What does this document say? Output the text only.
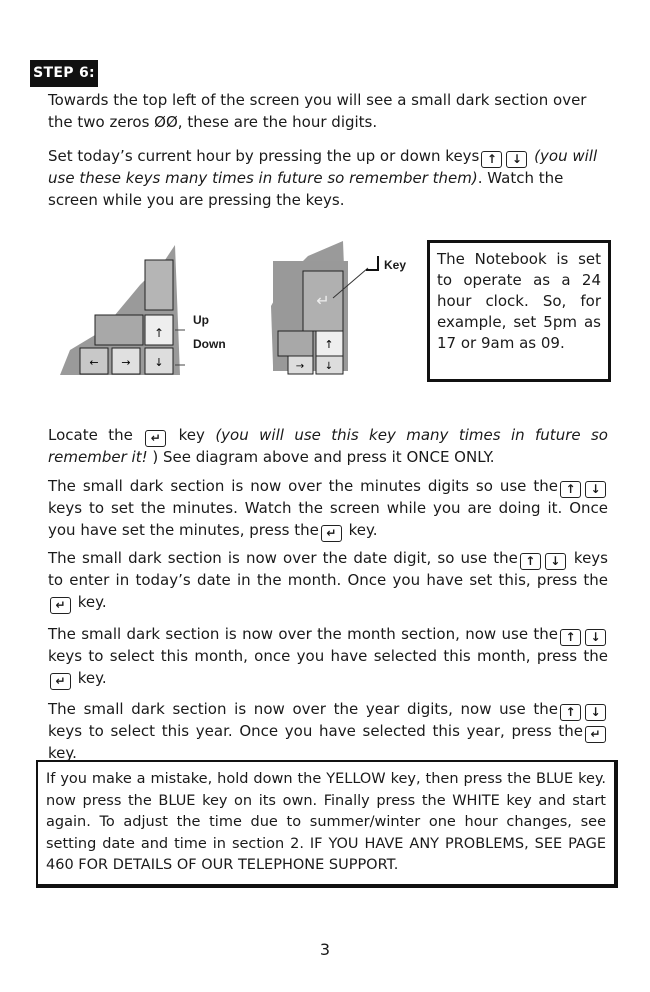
STEP 6:
Towards the top left of the screen you will see a small dark section over the two zeros ØØ, these are the hour digits.
Set today’s current hour by pressing the up or down keys ↑ ↓ (you will use these keys many times in future so remember them). Watch the screen while you are pressing the keys.
↑
← → ↓
Up
Down
↵
↑
→ ↓
Key	The Notebook is set to operate as a 24 hour clock. So, for example, set 5pm as 17 or 9am as 09.
Locate the ↵ key (you will use this key many times in future so remember it! ) See diagram above and press it ONCE ONLY.
The small dark section is now over the minutes digits so use the ↑ ↓ keys to set the minutes. Watch the screen while you are doing it. Once you have set the minutes, press the ↵ key.
The small dark section is now over the date digit, so use the ↑ ↓ keys to enter in today’s date in the month. Once you have set this, press the↵ key.
The small dark section is now over the month section, now use the ↑ ↓ keys to select this month, once you have selected this month, press the↵ key.
The small dark section is now over the year digits, now use the ↑ ↓ keys to select this year. Once you have selected this year, press the ↵ key.
If you make a mistake, hold down the YELLOW key, then press the BLUE key. now press the BLUE key on its own. Finally press the WHITE key and start again. To adjust the time due to summer/winter one hour changes, see setting date and time in section 2. IF YOU HAVE ANY PROBLEMS, SEE PAGE 460 FOR DETAILS OF OUR TELEPHONE SUPPORT.
3
